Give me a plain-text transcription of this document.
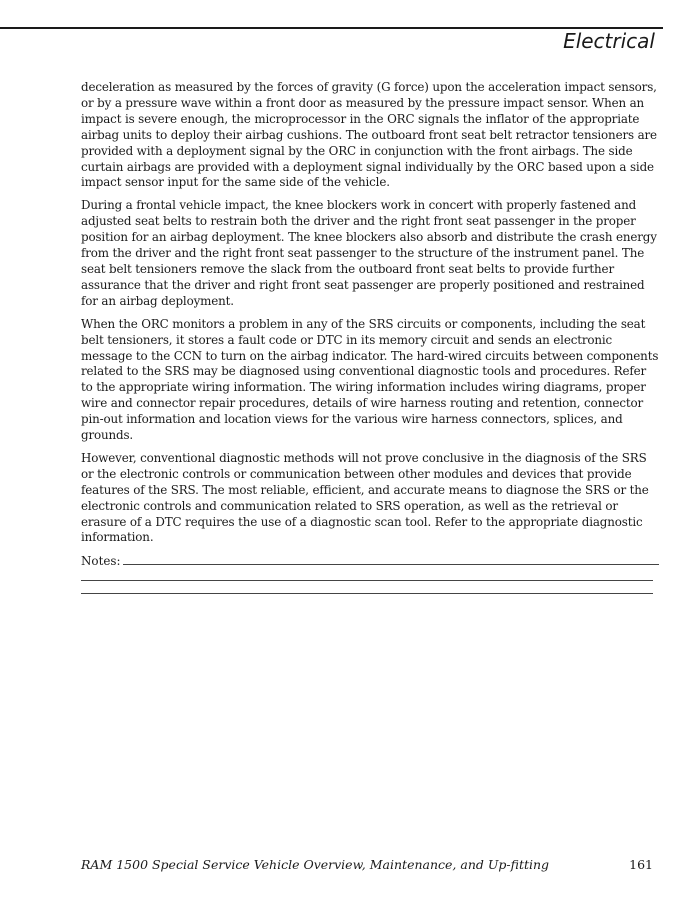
Electrical

deceleration as measured by the forces of gravity (G force) upon the acceleration impact sensors, or by a pressure wave within a front door as measured by the pressure impact sensor. When an impact is severe enough, the microprocessor in the ORC signals the inflator of the appropriate airbag units to deploy their airbag cushions. The outboard front seat belt retractor tensioners are provided with a deployment signal by the ORC in conjunction with the front airbags. The side curtain airbags are provided with a deployment signal individually by the ORC based upon a side impact sensor input for the same side of the vehicle.

During a frontal vehicle impact, the knee blockers work in concert with properly fastened and adjusted seat belts to restrain both the driver and the right front seat passenger in the proper position for an airbag deployment. The knee blockers also absorb and distribute the crash energy from the driver and the right front seat passenger to the structure of the instrument panel. The seat belt tensioners remove the slack from the outboard front seat belts to provide further assurance that the driver and right front seat passenger are properly positioned and restrained for an airbag deployment.

When the ORC monitors a problem in any of the SRS circuits or components, including the seat belt tensioners, it stores a fault code or DTC in its memory circuit and sends an electronic message to the CCN to turn on the airbag indicator. The hard-wired circuits between components related to the SRS may be diagnosed using conventional diagnostic tools and procedures. Refer to the appropriate wiring information. The wiring information includes wiring diagrams, proper wire and connector repair procedures, details of wire harness routing and retention, connector pin-out information and location views for the various wire harness connectors, splices, and grounds.

However, conventional diagnostic methods will not prove conclusive in the diagnosis of the SRS or the electronic controls or communication between other modules and devices that provide features of the SRS. The most reliable, efficient, and accurate means to diagnose the SRS or the electronic controls and communication related to SRS operation, as well as the retrieval or erasure of a DTC requires the use of a diagnostic scan tool. Refer to the appropriate diagnostic information.

Notes:
RAM 1500 Special Service Vehicle Overview, Maintenance, and Up-fitting	161
